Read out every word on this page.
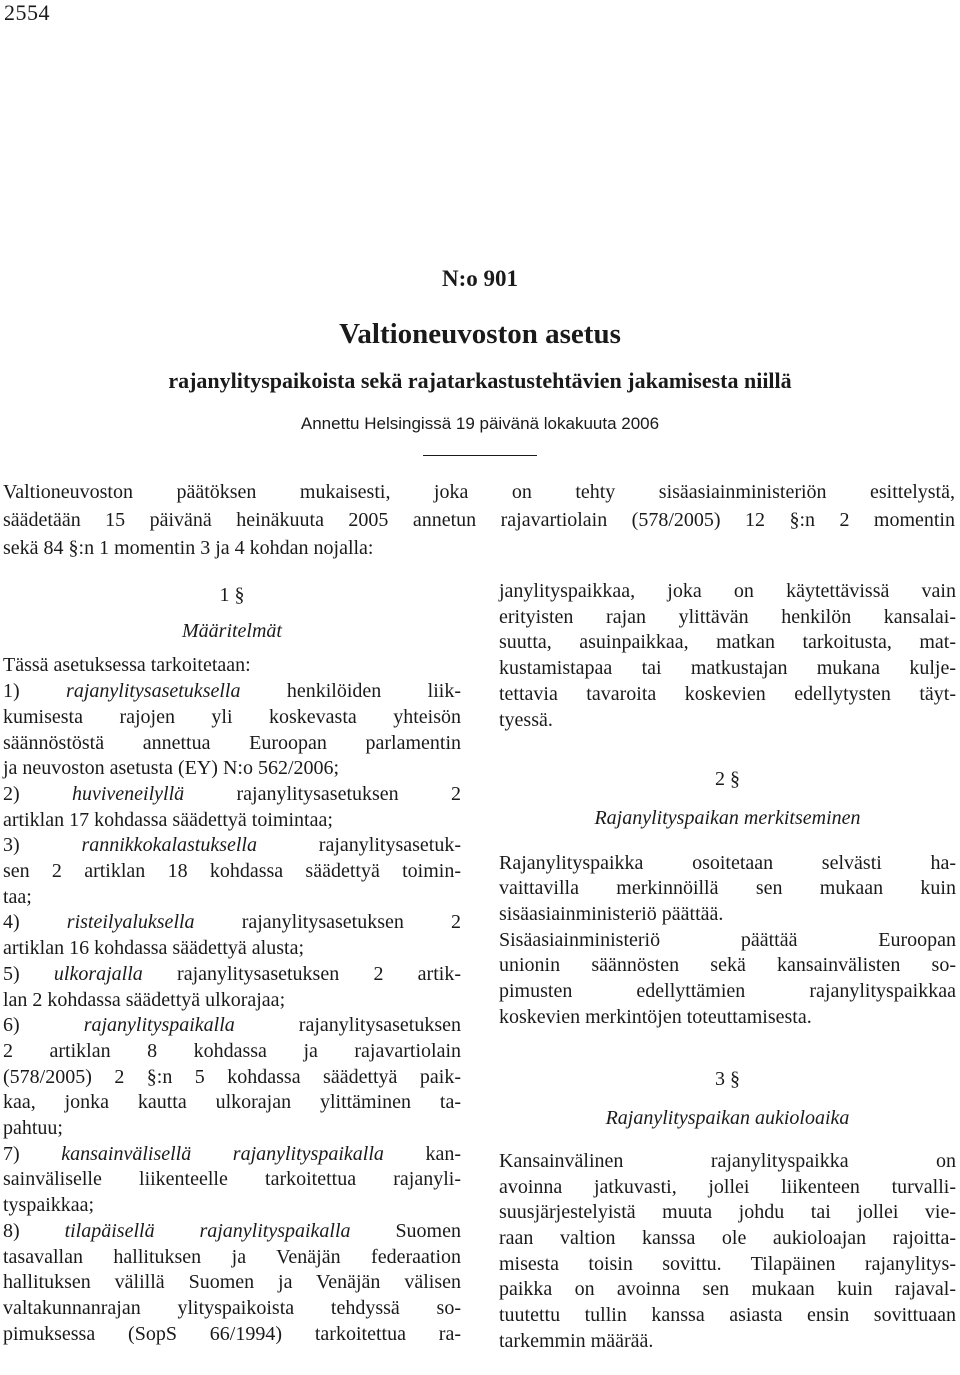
2554
N:o 901
Valtioneuvoston asetus
rajanylityspaikoista sekä rajatarkastustehtävien jakamisesta niillä
Annettu Helsingissä 19 päivänä lokakuuta 2006
Valtioneuvoston päätöksen mukaisesti, joka on tehty sisäasiainministeriön esittelystä,
säädetään 15 päivänä heinäkuuta 2005 annetun rajavartiolain (578/2005) 12 §:n 2 momentin
sekä 84 §:n 1 momentin 3 ja 4 kohdan nojalla:
1 §
Määritelmät
Tässä asetuksessa tarkoitetaan:
1) rajanylitysasetuksella henkilöiden liik-
kumisesta rajojen yli koskevasta yhteisön
säännöstöstä annettua Euroopan parlamentin
ja neuvoston asetusta (EY) N:o 562/2006;
2) huviveneilyllä rajanylitysasetuksen 2
artiklan 17 kohdassa säädettyä toimintaa;
3) rannikkokalastuksella rajanylitysasetuk-
sen 2 artiklan 18 kohdassa säädettyä toimin-
taa;
4) risteilyaluksella rajanylitysasetuksen 2
artiklan 16 kohdassa säädettyä alusta;
5) ulkorajalla rajanylitysasetuksen 2 artik-
lan 2 kohdassa säädettyä ulkorajaa;
6) rajanylityspaikalla rajanylitysasetuksen
2 artiklan 8 kohdassa ja rajavartiolain
(578/2005) 2 §:n 5 kohdassa säädettyä paik-
kaa, jonka kautta ulkorajan ylittäminen ta-
pahtuu;
7) kansainvälisellä rajanylityspaikalla kan-
sainväliselle liikenteelle tarkoitettua rajanyli-
tyspaikkaa;
8) tilapäisellä rajanylityspaikalla Suomen
tasavallan hallituksen ja Venäjän federaation
hallituksen välillä Suomen ja Venäjän välisen
valtakunnanrajan ylityspaikoista tehdyssä so-
pimuksessa (SopS 66/1994) tarkoitettua ra-
janylityspaikkaa, joka on käytettävissä vain
erityisten rajan ylittävän henkilön kansalai-
suutta, asuinpaikkaa, matkan tarkoitusta, mat-
kustamistapaa tai matkustajan mukana kulje-
tettavia tavaroita koskevien edellytysten täyt-
tyessä.
2 §
Rajanylityspaikan merkitseminen
Rajanylityspaikka osoitetaan selvästi ha-
vaittavilla merkinnöillä sen mukaan kuin
sisäasiainministeriö päättää.
Sisäasiainministeriö päättää Euroopan
unionin säännösten sekä kansainvälisten so-
pimusten edellyttämien rajanylityspaikkaa
koskevien merkintöjen toteuttamisesta.
3 §
Rajanylityspaikan aukioloaika
Kansainvälinen rajanylityspaikka on
avoinna jatkuvasti, jollei liikenteen turvalli-
suusjärjestelyistä muuta johdu tai jollei vie-
raan valtion kanssa ole aukioloajan rajoitta-
misesta toisin sovittu. Tilapäinen rajanylitys-
paikka on avoinna sen mukaan kuin rajaval-
tuutettu tullin kanssa asiasta ensin sovittuaan
tarkemmin määrää.
